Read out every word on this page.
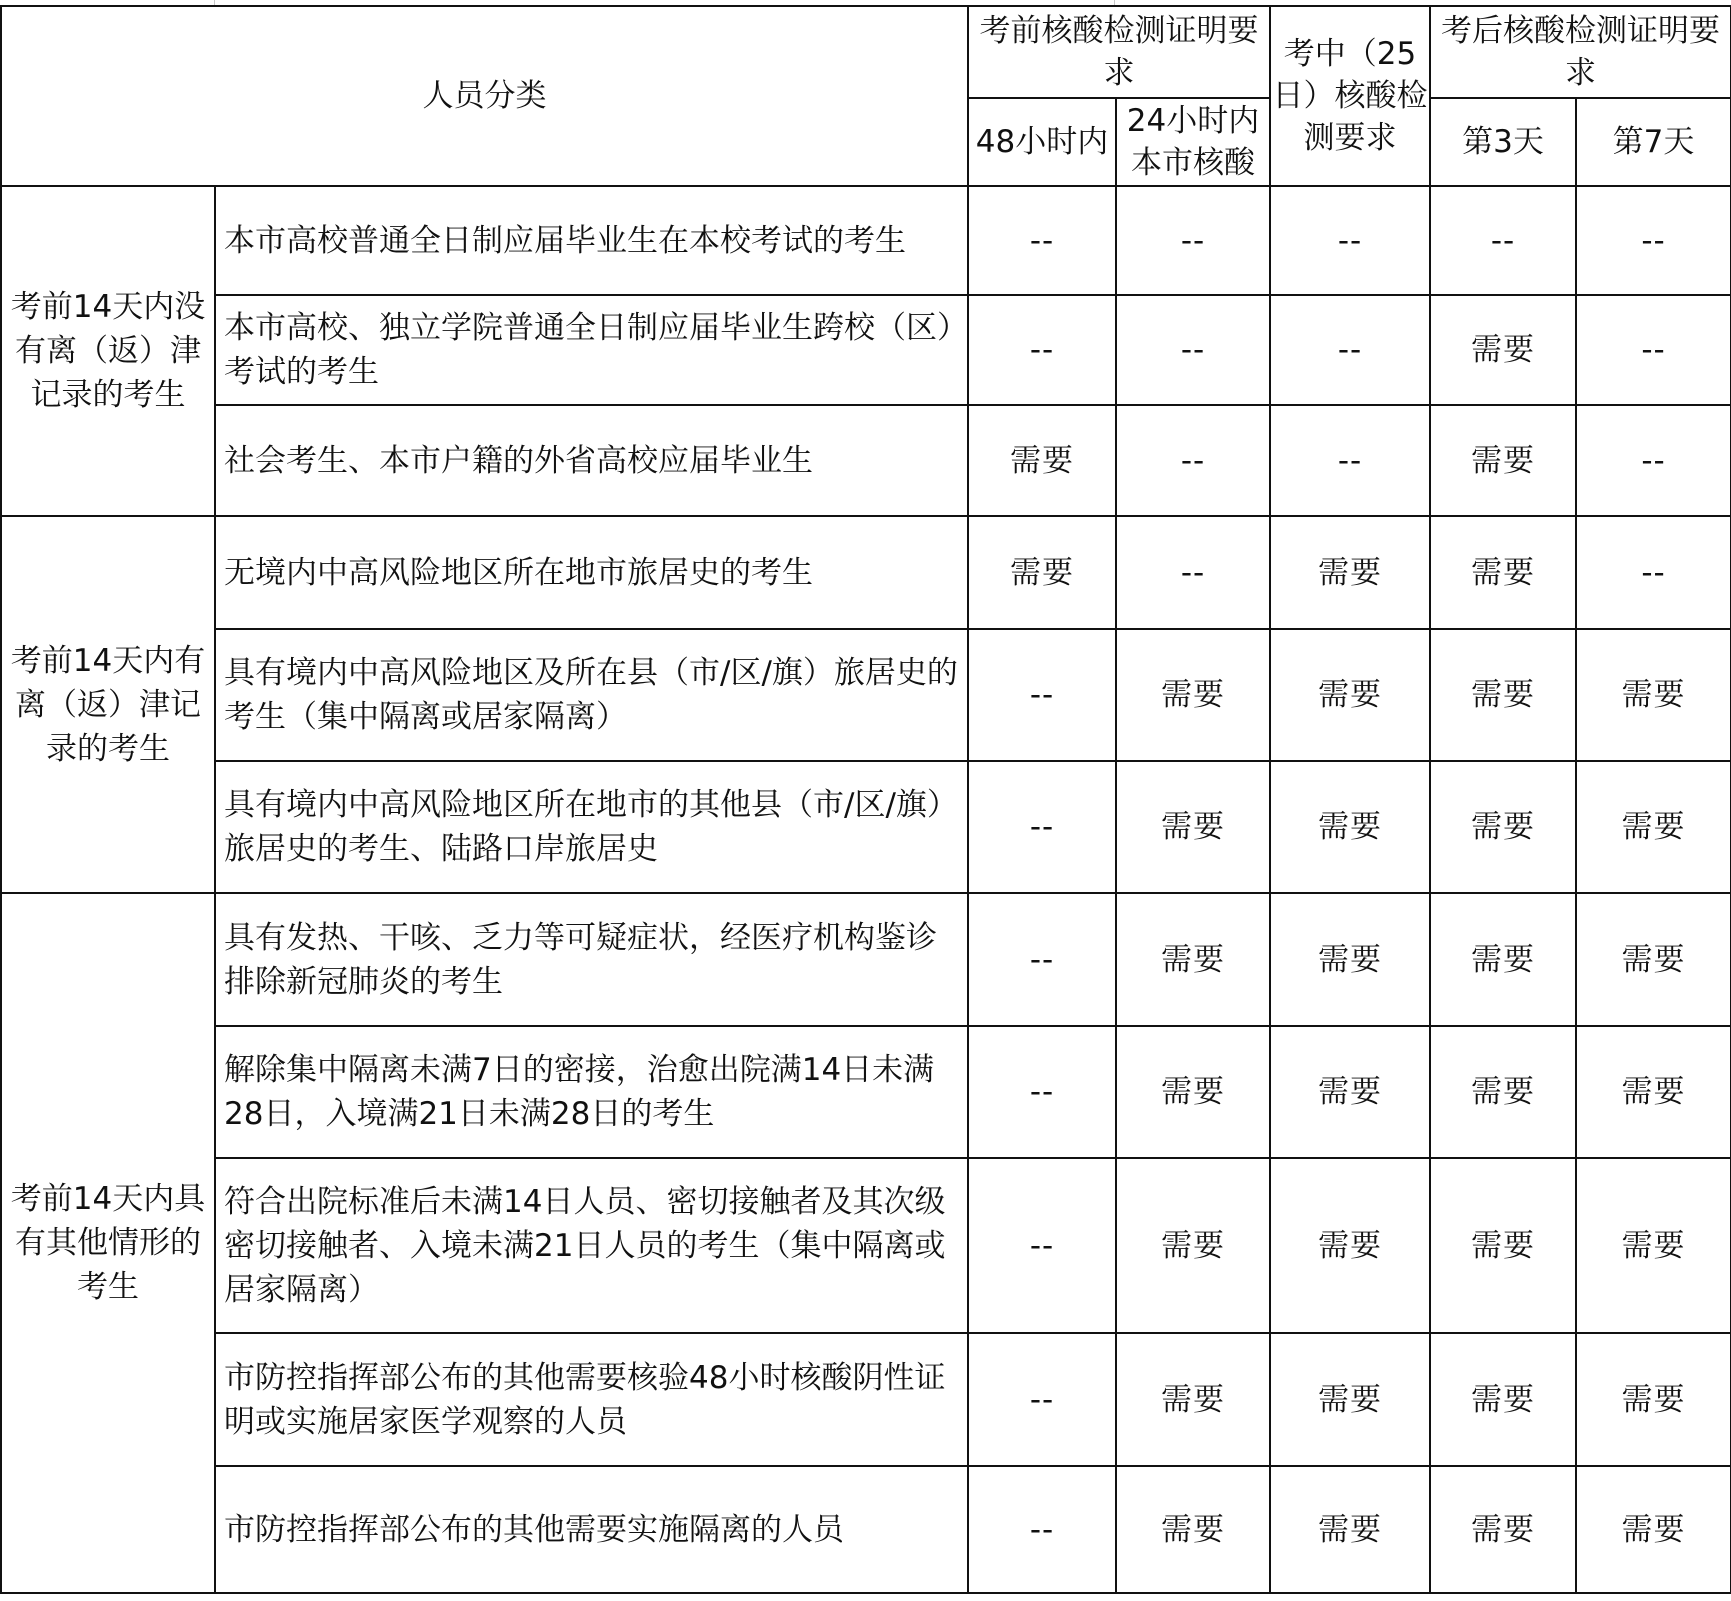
人员分类		考前核酸检测证明要求		考中（25日）核酸检测要求	考后核酸检测证明要求	
		48小时内	24小时内本市核酸		第3天	第7天
考前14天内没有离（返）津记录的考生	本市高校普通全日制应届毕业生在本校考试的考生	--	--	--	--	--
	本市高校、独立学院普通全日制应届毕业生跨校（区）考试的考生	--	--	--	需要	--
	社会考生、本市户籍的外省高校应届毕业生	需要	--	--	需要	--
考前14天内有离（返）津记录的考生	无境内中高风险地区所在地市旅居史的考生	需要	--	需要	需要	--
	具有境内中高风险地区及所在县（市/区/旗）旅居史的考生（集中隔离或居家隔离）	--	需要	需要	需要	需要
	具有境内中高风险地区所在地市的其他县（市/区/旗）旅居史的考生、陆路口岸旅居史	--	需要	需要	需要	需要
考前14天内具有其他情形的考生	具有发热、干咳、乏力等可疑症状，经医疗机构鉴诊排除新冠肺炎的考生	--	需要	需要	需要	需要
	解除集中隔离未满7日的密接，治愈出院满14日未满28日，入境满21日未满28日的考生	--	需要	需要	需要	需要
	符合出院标准后未满14日人员、密切接触者及其次级密切接触者、入境未满21日人员的考生（集中隔离或居家隔离）	--	需要	需要	需要	需要
	市防控指挥部公布的其他需要核验48小时核酸阴性证明或实施居家医学观察的人员	--	需要	需要	需要	需要
	市防控指挥部公布的其他需要实施隔离的人员	--	需要	需要	需要	需要
